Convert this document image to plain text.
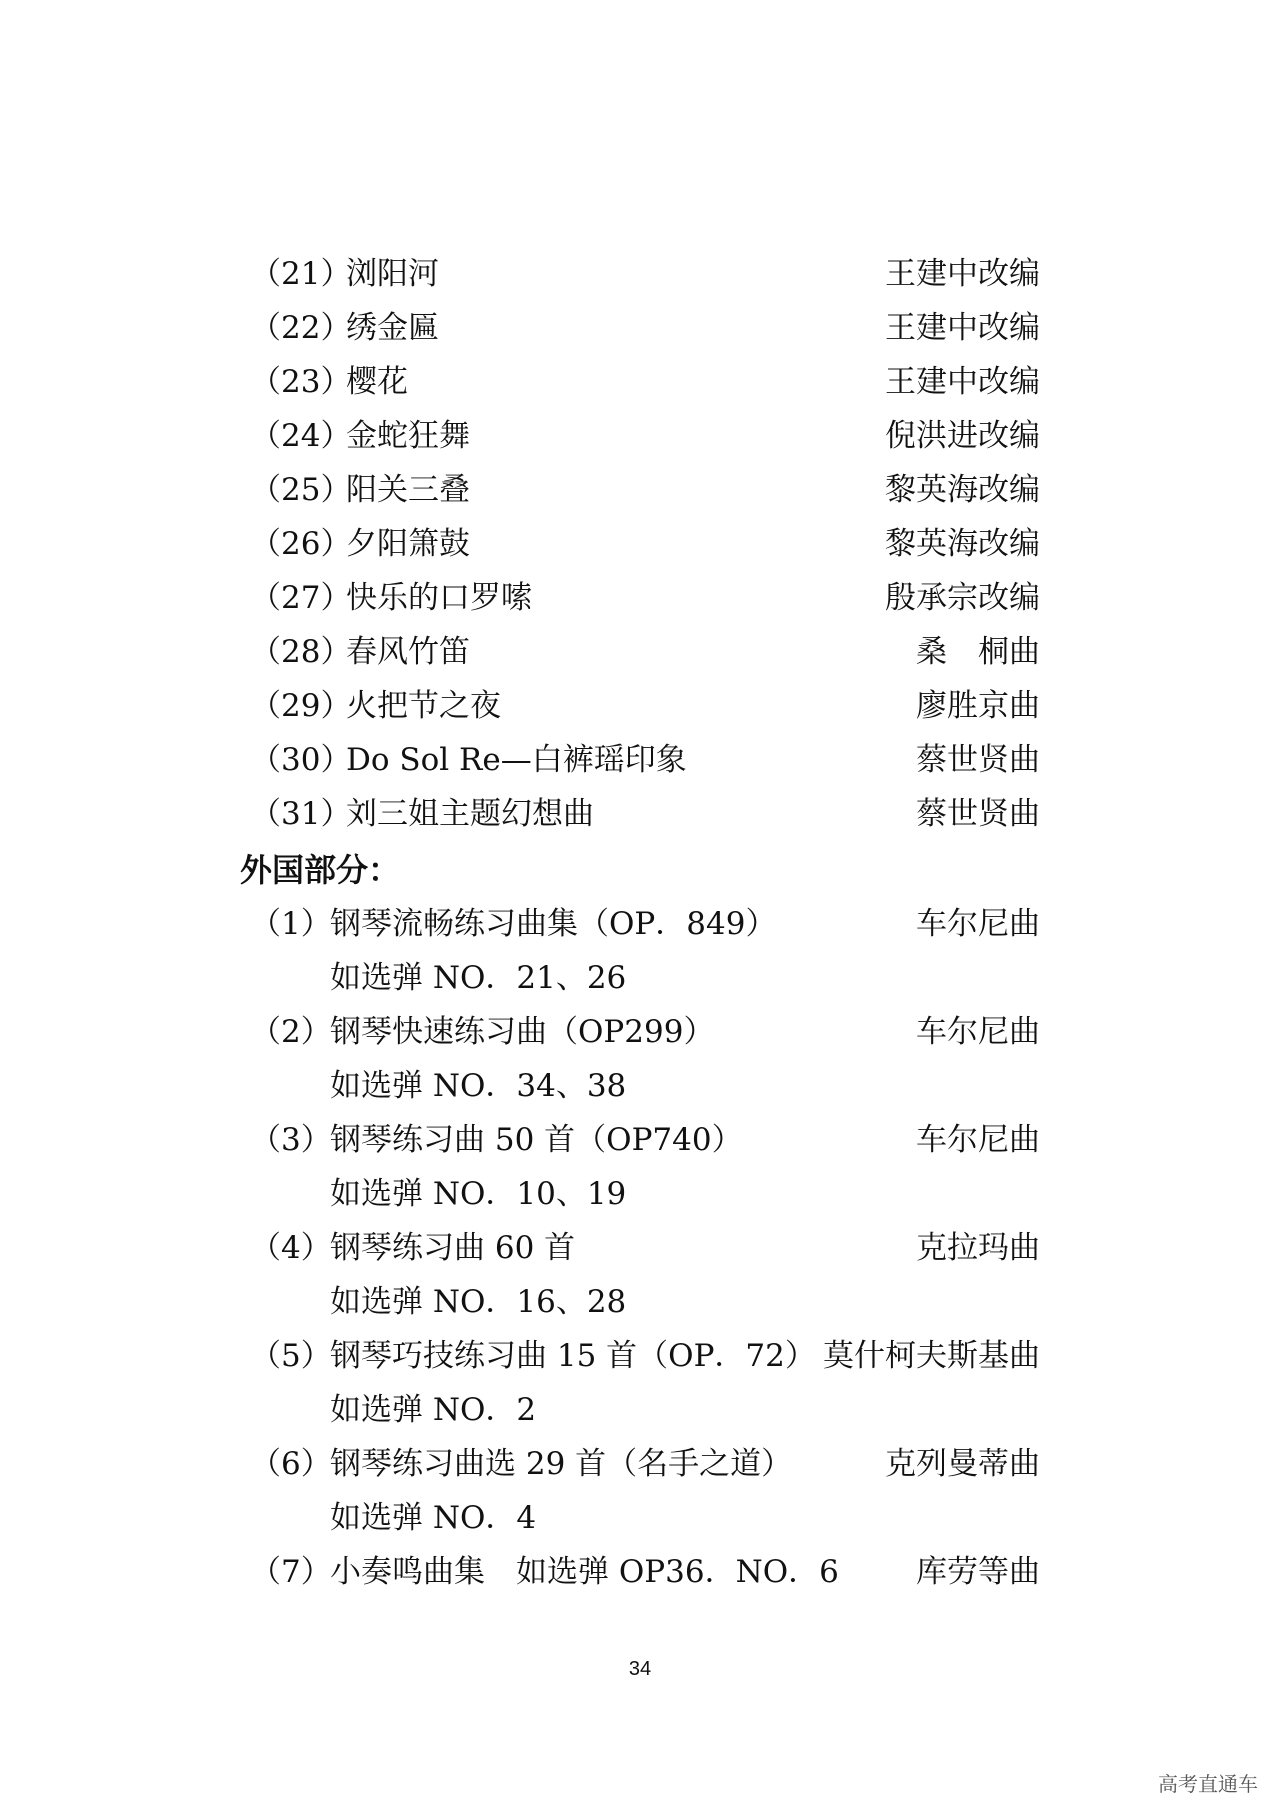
（21）
浏阳河	王建中改编
（22）
绣金匾	王建中改编
（23）
樱花	王建中改编
（24）
金蛇狂舞	倪洪进改编
（25）
阳关三叠	黎英海改编
（26）
夕阳箫鼓	黎英海改编
（27）
快乐的口罗嗦	殷承宗改编
（28）
春风竹笛	桑　桐曲
（29）
火把节之夜	廖胜京曲
（30）
Do Sol Re—白裤瑶印象	蔡世贤曲
（31）
刘三姐主题幻想曲	蔡世贤曲
外国部分：
（1）
钢琴流畅练习曲集（OP．849）	车尔尼曲
如选弹 NO．21、26
（2）
钢琴快速练习曲（OP299）	车尔尼曲
如选弹 NO．34、38
（3）
钢琴练习曲 50 首（OP740）	车尔尼曲
如选弹 NO．10、19
（4）
钢琴练习曲 60 首	克拉玛曲
如选弹 NO．16、28
（5）
钢琴巧技练习曲 15 首（OP．72） 莫什柯夫斯基曲
如选弹 NO．2
（6）
钢琴练习曲选 29 首（名手之道）	克列曼蒂曲
如选弹 NO．4
（7）
小奏鸣曲集　如选弹 OP36．NO．6 库劳等曲
34
高考直通车
